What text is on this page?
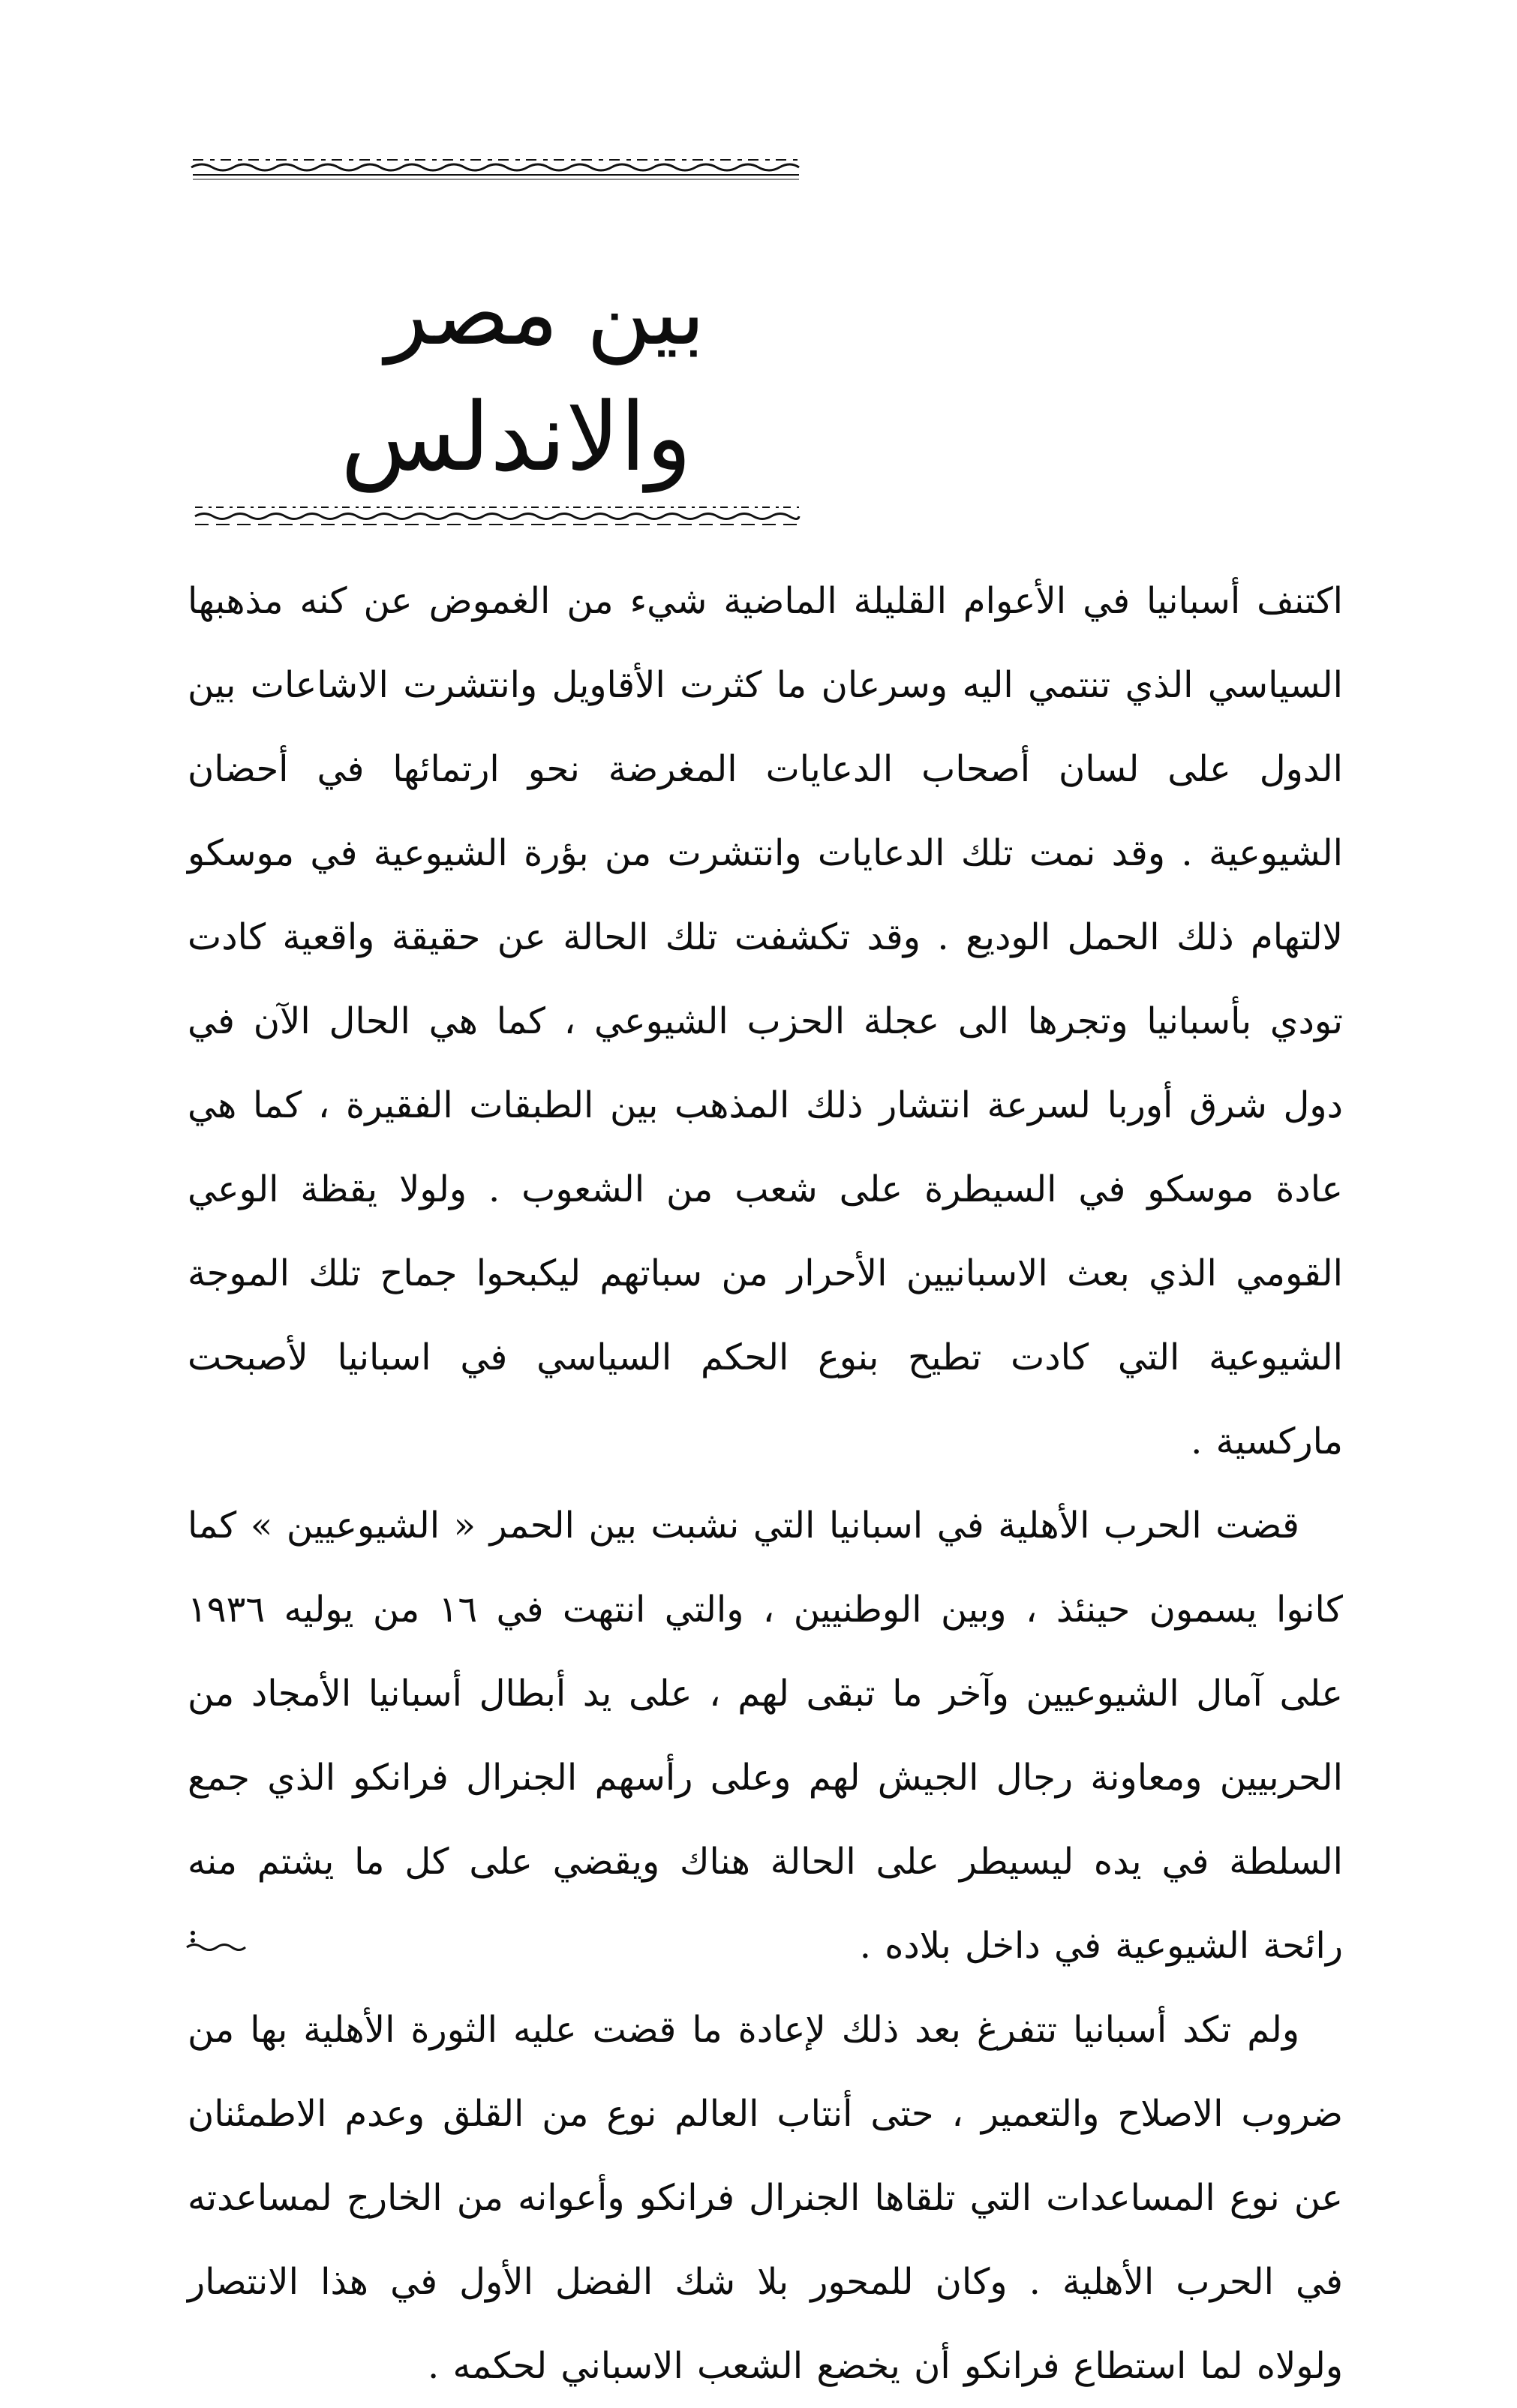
بين مصر
والاندلس

اكتنف أسبانيا في الأعوام القليلة الماضية شيء من الغموض عن كنه مذهبها السياسي الذي تنتمي اليه وسرعان ما كثرت الأقاويل وانتشرت الاشاعات بين الدول على لسان أصحاب الدعايات المغرضة نحو ارتمائها في أحضان الشيوعية . وقد نمت تلك الدعايات وانتشرت من بؤرة الشيوعية في موسكو لالتهام ذلك الحمل الوديع . وقد تكشفت تلك الحالة عن حقيقة واقعية كادت تودي بأسبانيا وتجرها الى عجلة الحزب الشيوعي ، كما هي الحال الآن في دول شرق أوربا لسرعة انتشار ذلك المذهب بين الطبقات الفقيرة ، كما هي عادة موسكو في السيطرة على شعب من الشعوب . ولولا يقظة الوعي القومي الذي بعث الاسبانيين الأحرار من سباتهم ليكبحوا جماح تلك الموجة الشيوعية التي كادت تطيح بنوع الحكم السياسي في اسبانيا لأصبحت ماركسية .

قضت الحرب الأهلية في اسبانيا التي نشبت بين الحمر « الشيوعيين » كما كانوا يسمون حينئذ ، وبين الوطنيين ، والتي انتهت في ١٦ من يوليه ١٩٣٦ على آمال الشيوعيين وآخر ما تبقى لهم ، على يد أبطال أسبانيا الأمجاد من الحربيين ومعاونة رجال الجيش لهم وعلى رأسهم الجنرال فرانكو الذي جمع السلطة في يده ليسيطر على الحالة هناك ويقضي على كل ما يشتم منه رائحة الشيوعية في داخل بلاده .

ولم تكد أسبانيا تتفرغ بعد ذلك لإعادة ما قضت عليه الثورة الأهلية بها من ضروب الاصلاح والتعمير ، حتى أنتاب العالم نوع من القلق وعدم الاطمئنان عن نوع المساعدات التي تلقاها الجنرال فرانكو وأعوانه من الخارج لمساعدته في الحرب الأهلية . وكان للمحور بلا شك الفضل الأول في هذا الانتصار ولولاه لما استطاع فرانكو أن يخضع الشعب الاسباني لحكمه .
